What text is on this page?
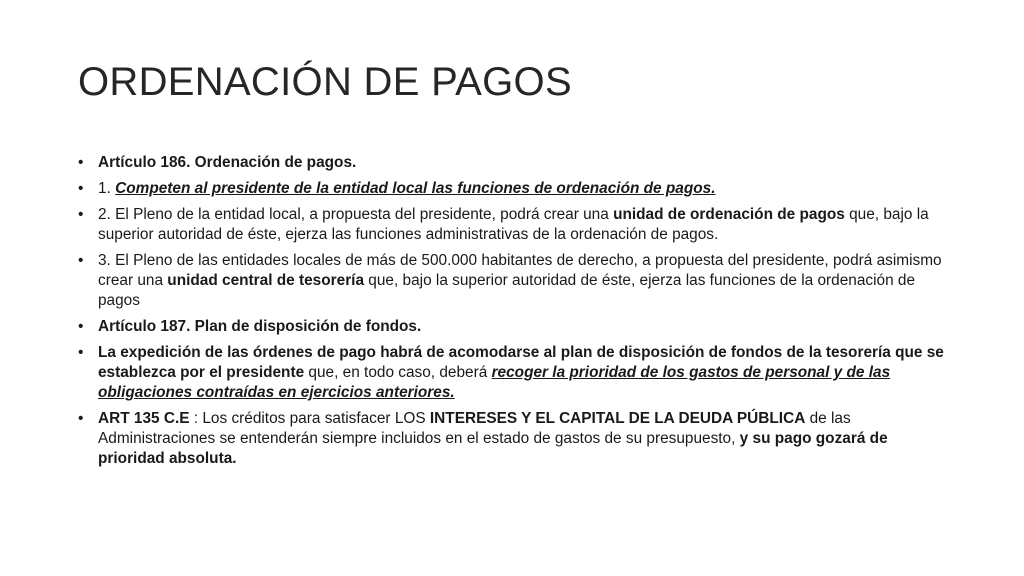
ORDENACIÓN DE PAGOS
• Artículo 186. Ordenación de pagos.
• 1. Competen al presidente de la entidad local las funciones de ordenación de pagos.
• 2. El Pleno de la entidad local, a propuesta del presidente, podrá crear una unidad de ordenación de pagos que, bajo la superior autoridad de éste, ejerza las funciones administrativas de la ordenación de pagos.
• 3. El Pleno de las entidades locales de más de 500.000 habitantes de derecho, a propuesta del presidente, podrá asimismo crear una unidad central de tesorería que, bajo la superior autoridad de éste, ejerza las funciones de la ordenación de pagos
• Artículo 187. Plan de disposición de fondos.
• La expedición de las órdenes de pago habrá de acomodarse al plan de disposición de fondos de la tesorería que se establezca por el presidente que, en todo caso, deberá recoger la prioridad de los gastos de personal y de las obligaciones contraídas en ejercicios anteriores.
• ART 135 C.E : Los créditos para satisfacer LOS INTERESES Y EL CAPITAL DE LA DEUDA PÚBLICA de las Administraciones se entenderán siempre incluidos en el estado de gastos de su presupuesto, y su pago gozará de prioridad absoluta.
